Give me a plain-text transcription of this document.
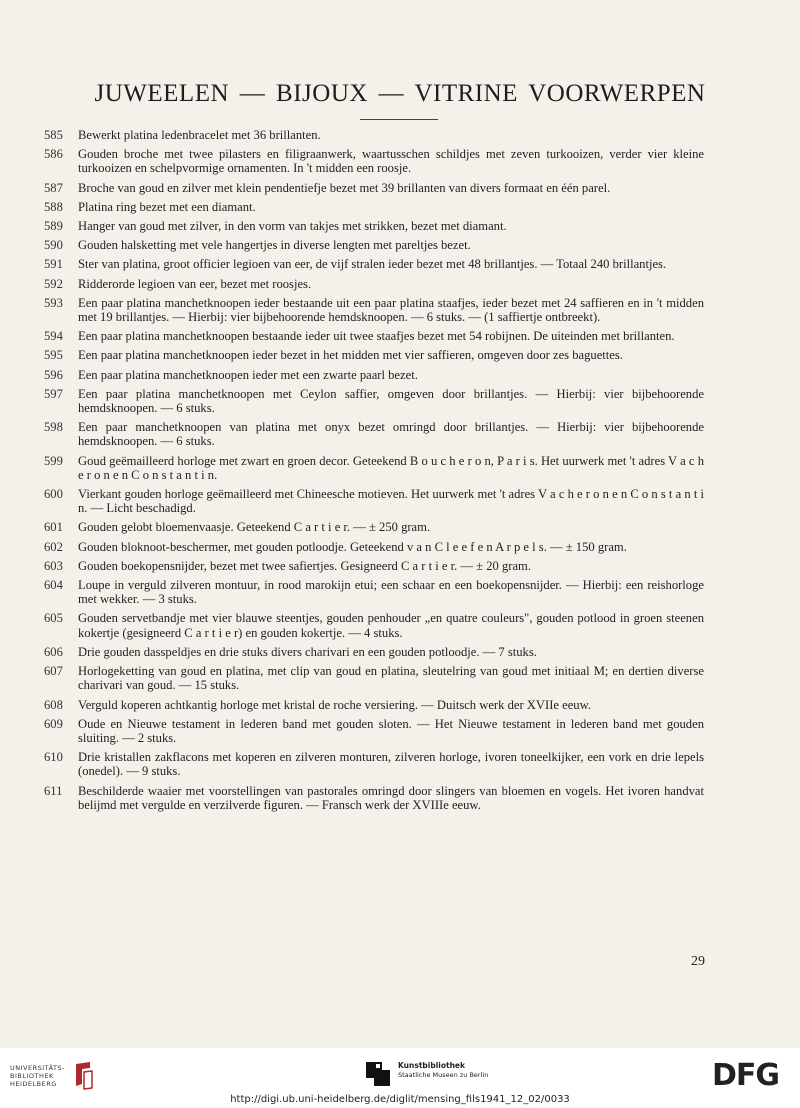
JUWEELEN — BIJOUX — VITRINE VOORWERPEN
585	Bewerkt platina ledenbracelet met 36 brillanten.
586	Gouden broche met twee pilasters en filigraanwerk, waartusschen schildjes met zeven turkooizen, verder vier kleine turkooizen en schelpvormige ornamenten. In 't midden een roosje.
587	Broche van goud en zilver met klein pendentiefje bezet met 39 brillanten van divers formaat en één parel.
588	Platina ring bezet met een diamant.
589	Hanger van goud met zilver, in den vorm van takjes met strikken, bezet met diamant.
590	Gouden halsketting met vele hangertjes in diverse lengten met pareltjes bezet.
591	Ster van platina, groot officier legioen van eer, de vijf stralen ieder bezet met 48 brillantjes. — Totaal 240 brillantjes.
592	Ridderorde legioen van eer, bezet met roosjes.
593	Een paar platina manchetknoopen ieder bestaande uit een paar platina staafjes, ieder bezet met 24 saffieren en in 't midden met 19 brillantjes. — Hierbij: vier bijbehoorende hemdsknoopen. — 6 stuks. — (1 saffiertje ontbreekt).
594	Een paar platina manchetknoopen bestaande ieder uit twee staafjes bezet met 54 robijnen. De uiteinden met brillanten.
595	Een paar platina manchetknoopen ieder bezet in het midden met vier saffieren, omgeven door zes baguettes.
596	Een paar platina manchetknoopen ieder met een zwarte paarl bezet.
597	Een paar platina manchetknoopen met Ceylon saffier, omgeven door brillantjes. — Hierbij: vier bijbehoorende hemdsknoopen. — 6 stuks.
598	Een paar manchetknoopen van platina met onyx bezet omringd door brillantjes. — Hierbij: vier bijbehoorende hemdsknoopen. — 6 stuks.
599	Goud geëmailleerd horloge met zwart en groen decor. Geteekend B o u c h e r o n, P a r i s. Het uurwerk met 't adres V a c h e r o n e n C o n s t a n t i n.
600	Vierkant gouden horloge geëmailleerd met Chineesche motieven. Het uurwerk met 't adres V a c h e r o n e n C o n s t a n t i n. — Licht beschadigd.
601	Gouden gelobt bloemenvaasje. Geteekend C a r t i e r. — ± 250 gram.
602	Gouden bloknoot-beschermer, met gouden potloodje. Geteekend v a n C l e e f e n A r p e l s. — ± 150 gram.
603	Gouden boekopensnijder, bezet met twee safiertjes. Gesigneerd C a r t i e r. — ± 20 gram.
604	Loupe in verguld zilveren montuur, in rood marokijn etui; een schaar en een boekopensnijder. — Hierbij: een reishorloge met wekker. — 3 stuks.
605	Gouden servetbandje met vier blauwe steentjes, gouden penhouder „en quatre couleurs", gouden potlood in groen steenen kokertje (gesigneerd C a r t i e r) en gouden kokertje. — 4 stuks.
606	Drie gouden dasspeldjes en drie stuks divers charivari en een gouden potloodje. — 7 stuks.
607	Horlogeketting van goud en platina, met clip van goud en platina, sleutelring van goud met initiaal M; en dertien diverse charivari van goud. — 15 stuks.
608	Verguld koperen achtkantig horloge met kristal de roche versiering. — Duitsch werk der XVIIe eeuw.
609	Oude en Nieuwe testament in lederen band met gouden sloten. — Het Nieuwe testament in lederen band met gouden sluiting. — 2 stuks.
610	Drie kristallen zakflacons met koperen en zilveren monturen, zilveren horloge, ivoren toneelkijker, een vork en drie lepels (onedel). — 9 stuks.
611	Beschilderde waaier met voorstellingen van pastorales omringd door slingers van bloemen en vogels. Het ivoren handvat belijmd met vergulde en verzilverde figuren. — Fransch werk der XVIIIe eeuw.
29
UNIVERSITÄTS-
BIBLIOTHEK
HEIDELBERG
Kunstbibliothek
Staatliche Museen zu Berlin	DFG
http://digi.ub.uni-heidelberg.de/diglit/mensing_fils1941_12_02/0033
